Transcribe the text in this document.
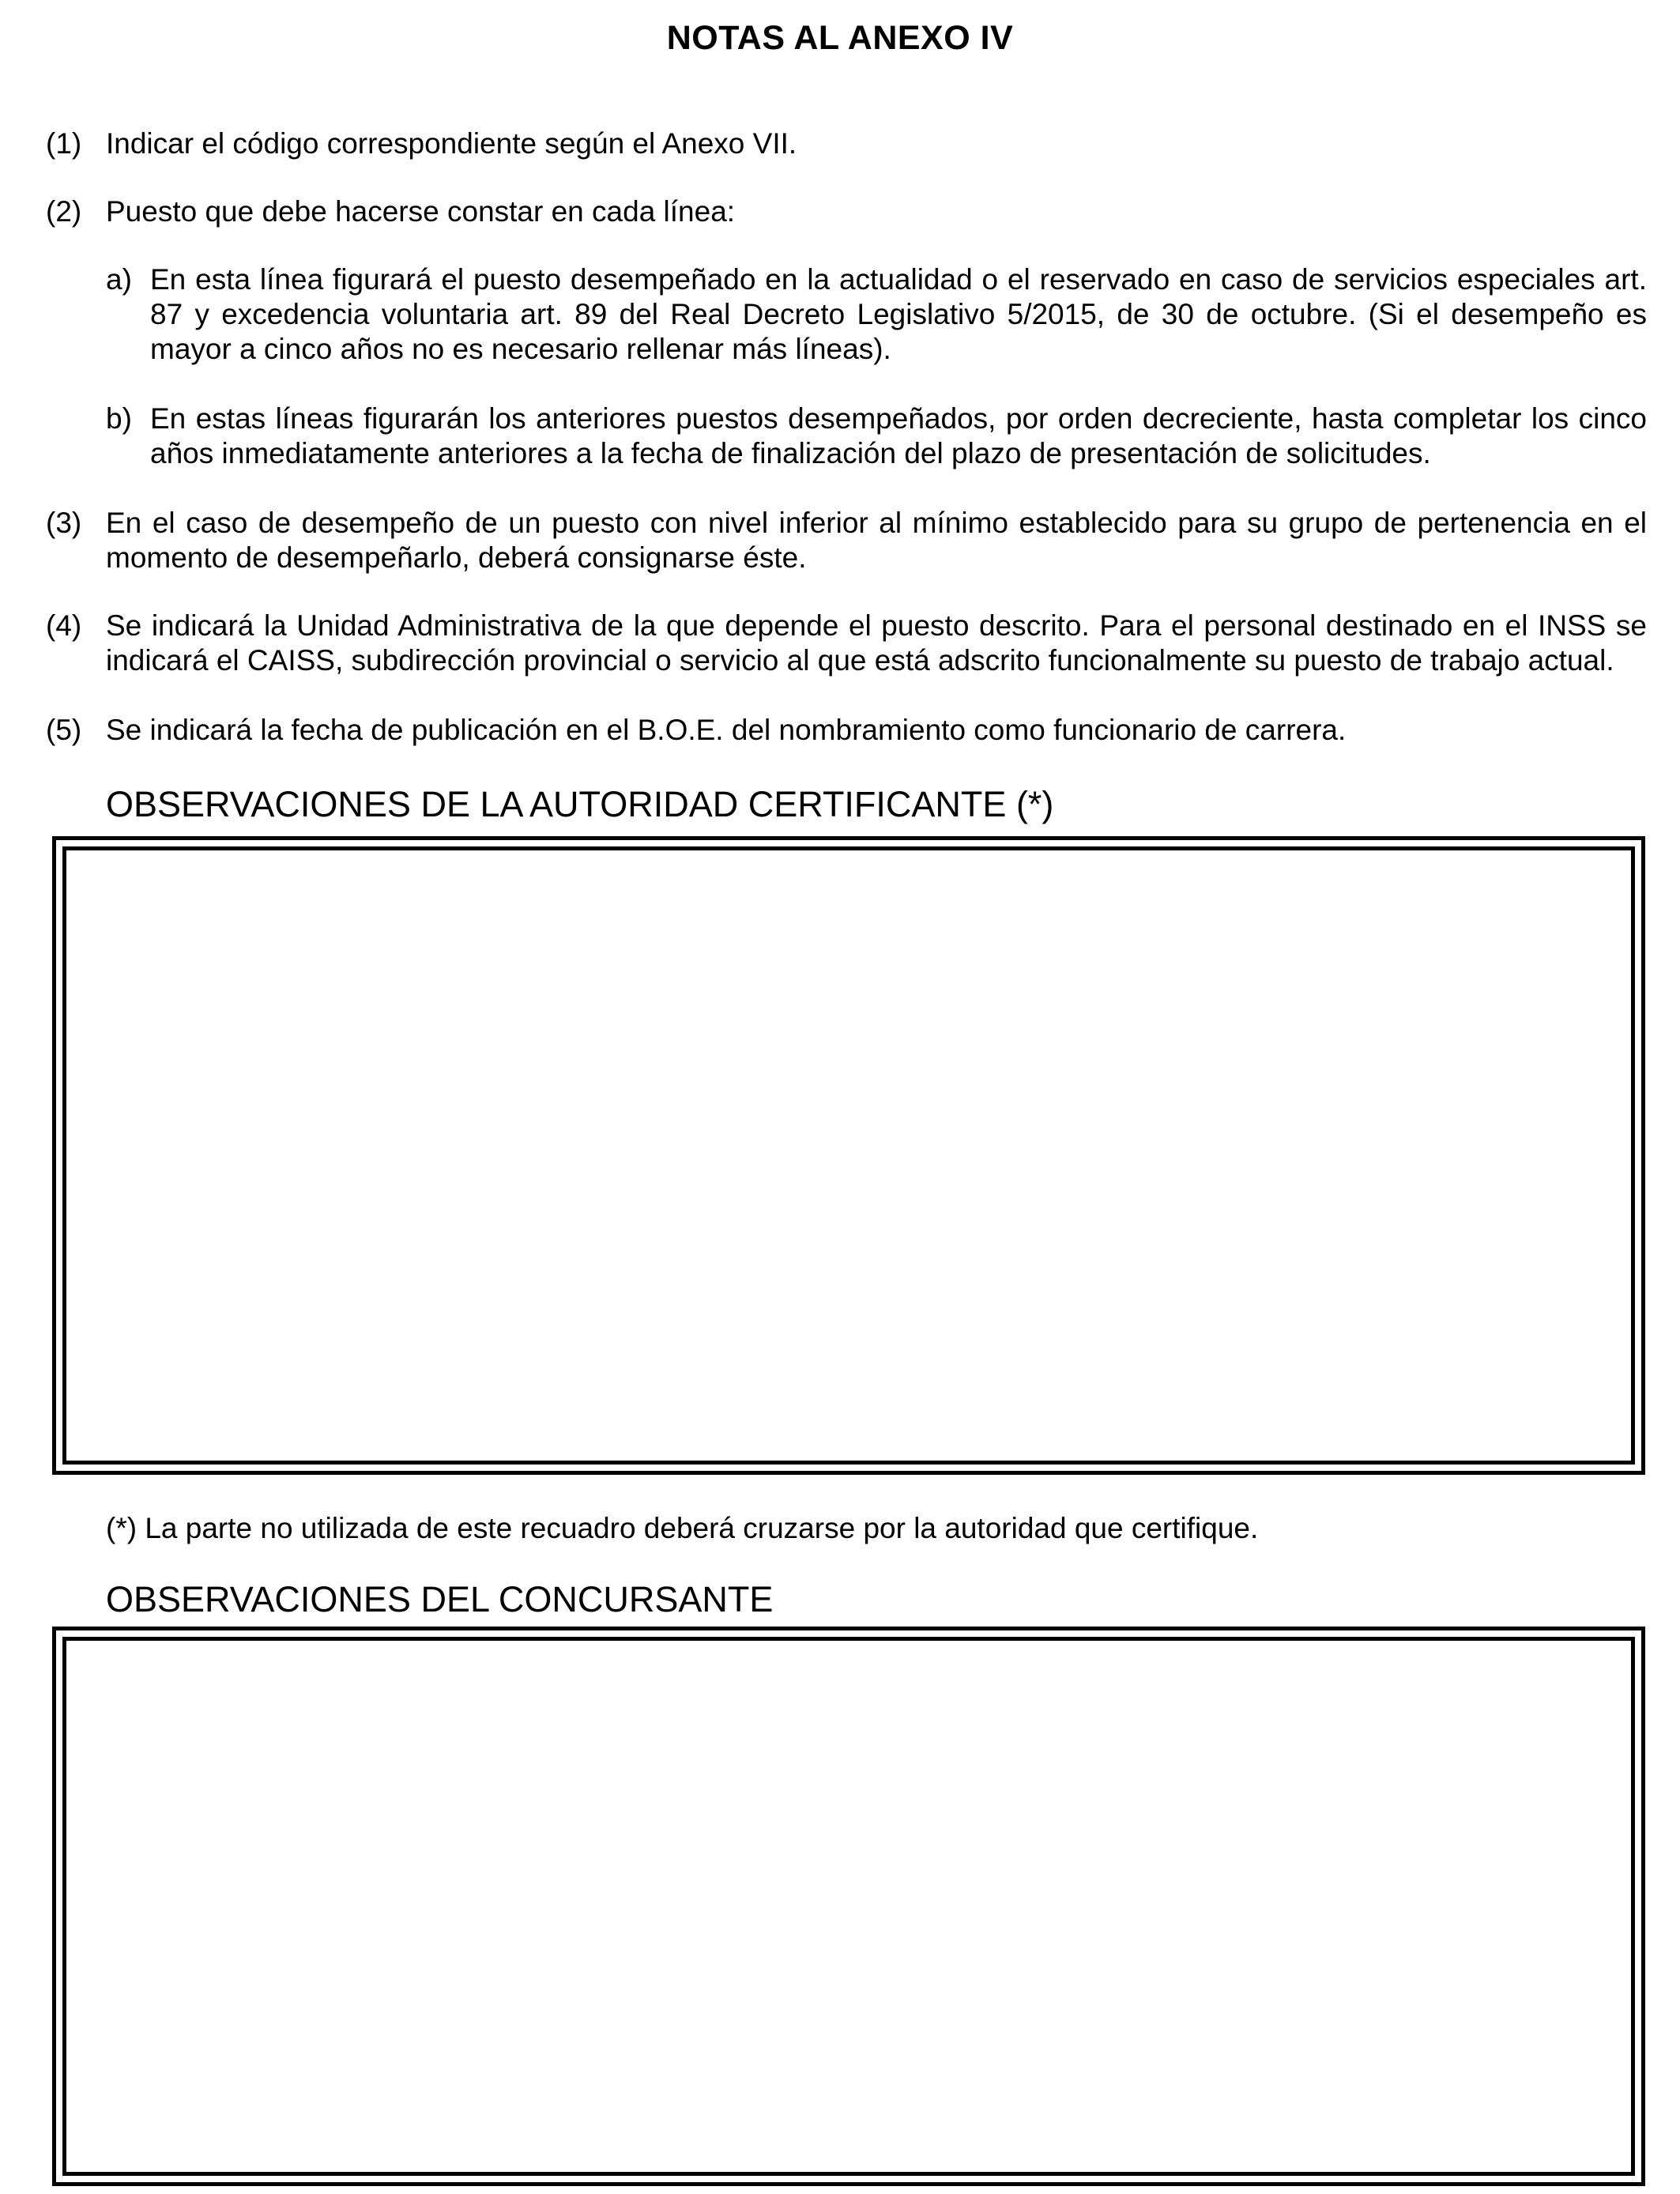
NOTAS AL ANEXO IV
(1) Indicar el código correspondiente según el Anexo VII.
(2) Puesto que debe hacerse constar en cada línea:
a) En esta línea figurará el puesto desempeñado en la actualidad o el reservado en caso de servicios especiales art. 87 y excedencia voluntaria art. 89 del Real Decreto Legislativo 5/2015, de 30 de octubre. (Si el desempeño es mayor a cinco años no es necesario rellenar más líneas).
b) En estas líneas figurarán los anteriores puestos desempeñados, por orden decreciente, hasta completar los cinco años inmediatamente anteriores a la fecha de finalización del plazo de presentación de solicitudes.
(3) En el caso de desempeño de un puesto con nivel inferior al mínimo establecido para su grupo de pertenencia en el momento de desempeñarlo, deberá consignarse éste.
(4) Se indicará la Unidad Administrativa de la que depende el puesto descrito. Para el personal destinado en el INSS se indicará el CAISS, subdirección provincial o servicio al que está adscrito funcionalmente su puesto de trabajo actual.
(5) Se indicará la fecha de publicación en el B.O.E. del nombramiento como funcionario de carrera.
OBSERVACIONES DE LA AUTORIDAD CERTIFICANTE (*)
(*) La parte no utilizada de este recuadro deberá cruzarse por la autoridad que certifique.
OBSERVACIONES DEL CONCURSANTE
